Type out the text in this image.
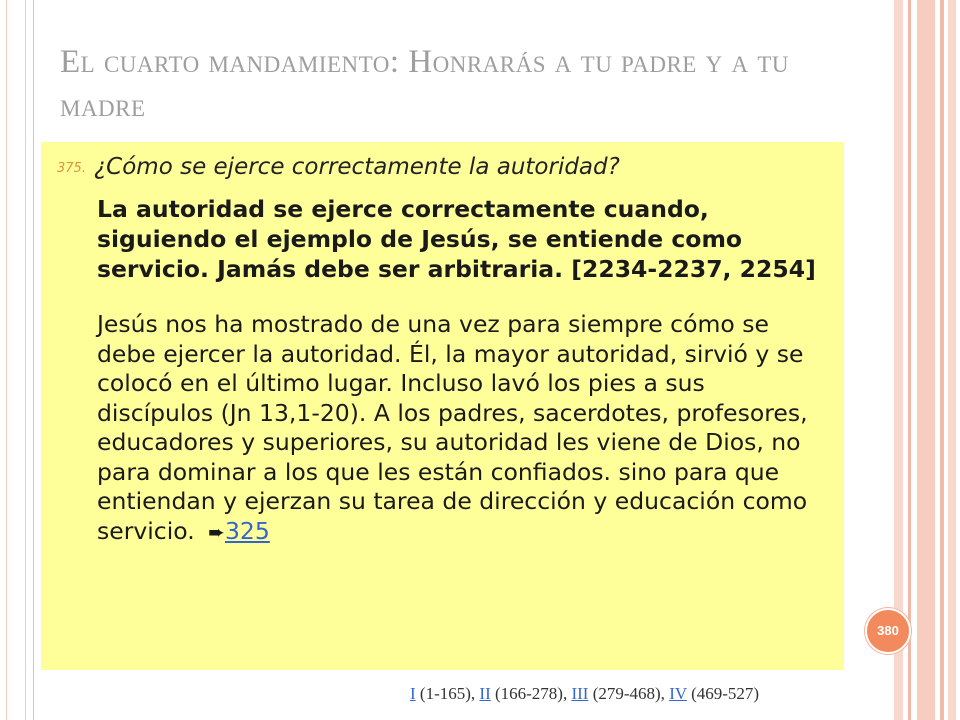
El cuarto mandamiento: Honrarás a tu padre y a tu madre

375. ¿Cómo se ejerce correctamente la autoridad?

La autoridad se ejerce correctamente cuando, siguiendo el ejemplo de Jesús, se entiende como servicio. Jamás debe ser arbitraria. [2234-2237, 2254]

Jesús nos ha mostrado de una vez para siempre cómo se debe ejercer la autoridad. Él, la mayor autoridad, sirvió y se colocó en el último lugar. Incluso lavó los pies a sus discípulos (Jn 13,1-20). A los padres, sacerdotes, profesores, educadores y superiores, su autoridad les viene de Dios, no para dominar a los que les están confiados. sino para que entiendan y ejerzan su tarea de dirección y educación como servicio. ➨325

380
I (1-165), II (166-278), III (279-468), IV (469-527)
